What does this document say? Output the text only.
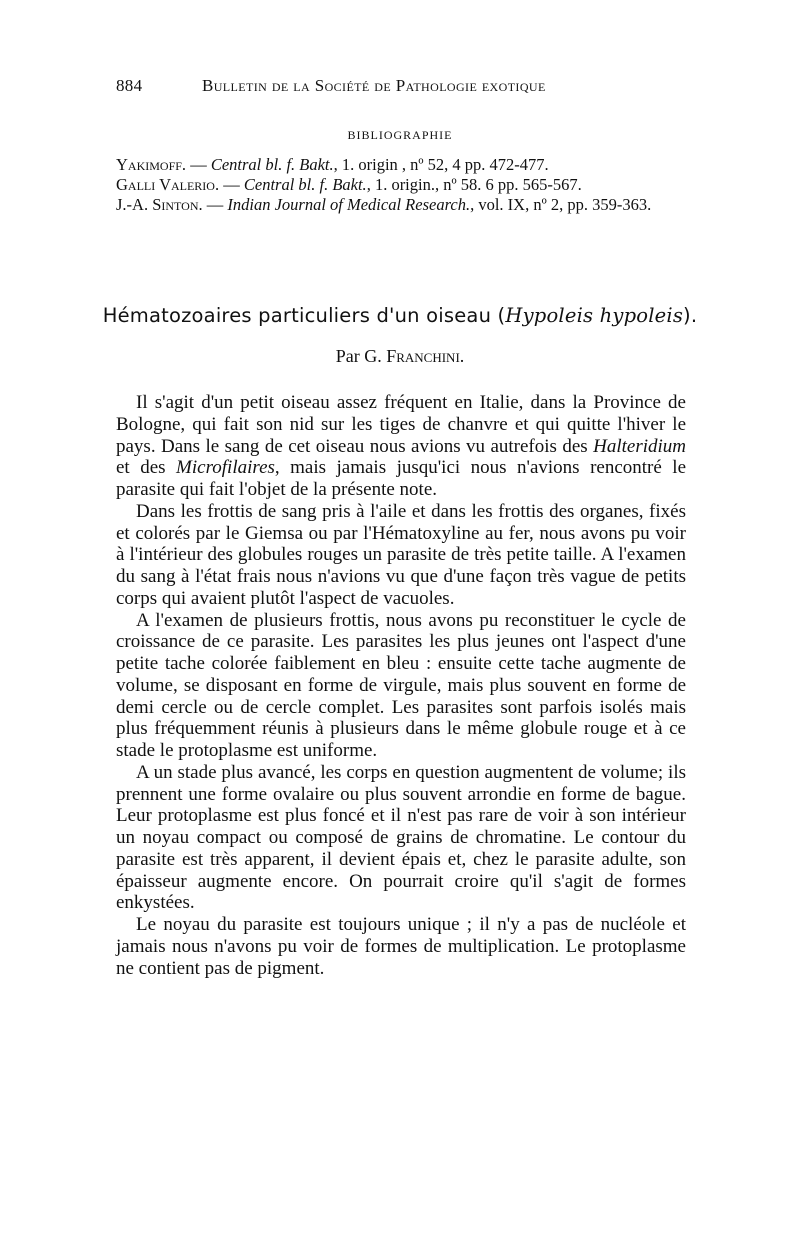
884	Bulletin de la Société de Pathologie exotique
BIBLIOGRAPHIE
Yakimoff. — Central bl. f. Bakt., 1. origin , nº 52, 4 pp. 472-477.
Galli Valerio. — Central bl. f. Bakt., 1. origin., nº 58. 6 pp. 565-567.
J.-A. Sinton. — Indian Journal of Medical Research., vol. IX, nº 2, pp. 359-363.
Hématozoaires particuliers d'un oiseau (Hypoleis hypoleis).
Par G. Franchini.

Il s'agit d'un petit oiseau assez fréquent en Italie, dans la Province de Bologne, qui fait son nid sur les tiges de chanvre et qui quitte l'hiver le pays. Dans le sang de cet oiseau nous avions vu autrefois des Halteridium et des Microfilaires, mais jamais jusqu'ici nous n'avions rencontré le parasite qui fait l'objet de la présente note.

Dans les frottis de sang pris à l'aile et dans les frottis des organes, fixés et colorés par le Giemsa ou par l'Hématoxyline au fer, nous avons pu voir à l'intérieur des globules rouges un parasite de très petite taille. A l'examen du sang à l'état frais nous n'avions vu que d'une façon très vague de petits corps qui avaient plutôt l'aspect de vacuoles.

A l'examen de plusieurs frottis, nous avons pu reconstituer le cycle de croissance de ce parasite. Les parasites les plus jeunes ont l'aspect d'une petite tache colorée faiblement en bleu : ensuite cette tache augmente de volume, se disposant en forme de virgule, mais plus souvent en forme de demi cercle ou de cercle complet. Les parasites sont parfois isolés mais plus fréquemment réunis à plusieurs dans le même globule rouge et à ce stade le protoplasme est uniforme.

A un stade plus avancé, les corps en question augmentent de volume; ils prennent une forme ovalaire ou plus souvent arrondie en forme de bague. Leur protoplasme est plus foncé et il n'est pas rare de voir à son intérieur un noyau compact ou composé de grains de chromatine. Le contour du parasite est très apparent, il devient épais et, chez le parasite adulte, son épaisseur augmente encore. On pourrait croire qu'il s'agit de formes enkystées.

Le noyau du parasite est toujours unique ; il n'y a pas de nucléole et jamais nous n'avons pu voir de formes de multiplication. Le protoplasme ne contient pas de pigment.
